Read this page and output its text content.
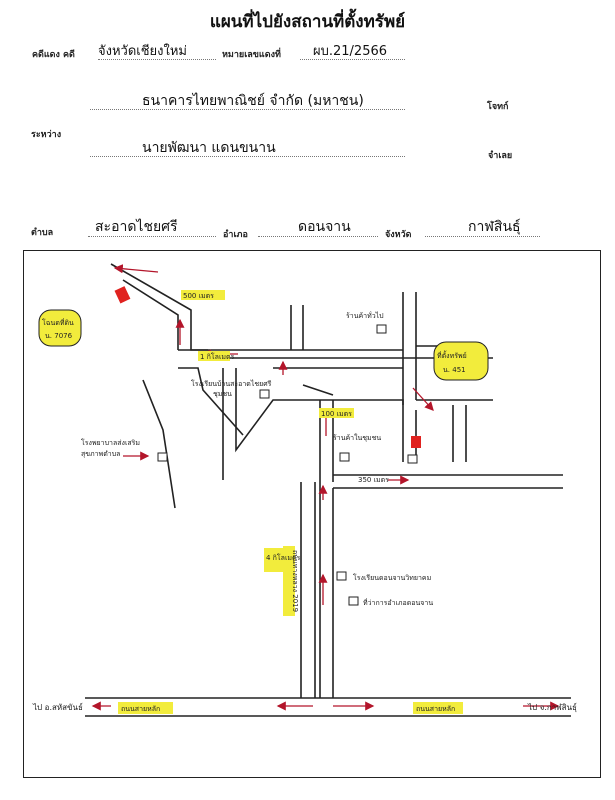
แผนที่ไปยังสถานที่ตั้งทรัพย์
คดีแดง คดี จังหวัดเชียงใหม่	หมายเลขแดงที่ ผบ.21/2566
ธนาคารไทยพาณิชย์ จำกัด (มหาชน)	โจทก์
ระหว่าง
นายพัฒนา แดนขนาน	จำเลย
ตำบล	สะอาดไชยศรี	อำเภอ	ดอนจาน	จังหวัด	กาฬสินธุ์
500 เมตร
1 กิโลเมตร
100 เมตร
350 เมตร
4 กิโลเมตร
ถนนทางหลวง 2019
โฉนดที่ดิน
น. 7076
ที่ตั้งทรัพย์
น. 451
ร้านค้าทั่วไป
โรงเรียนบ้านสะอาดไชยศรี
ชุมชน
โรงพยาบาลส่งเสริม
สุขภาพตำบล
ร้านค้าในชุมชน
โรงเรียนดอนจานวิทยาคม
ที่ว่าการอำเภอดอนจาน
ไป อ.สหัสขันธ์	ไป จ.กาฬสินธุ์
ถนนสายหลัก	ถนนสายหลัก
